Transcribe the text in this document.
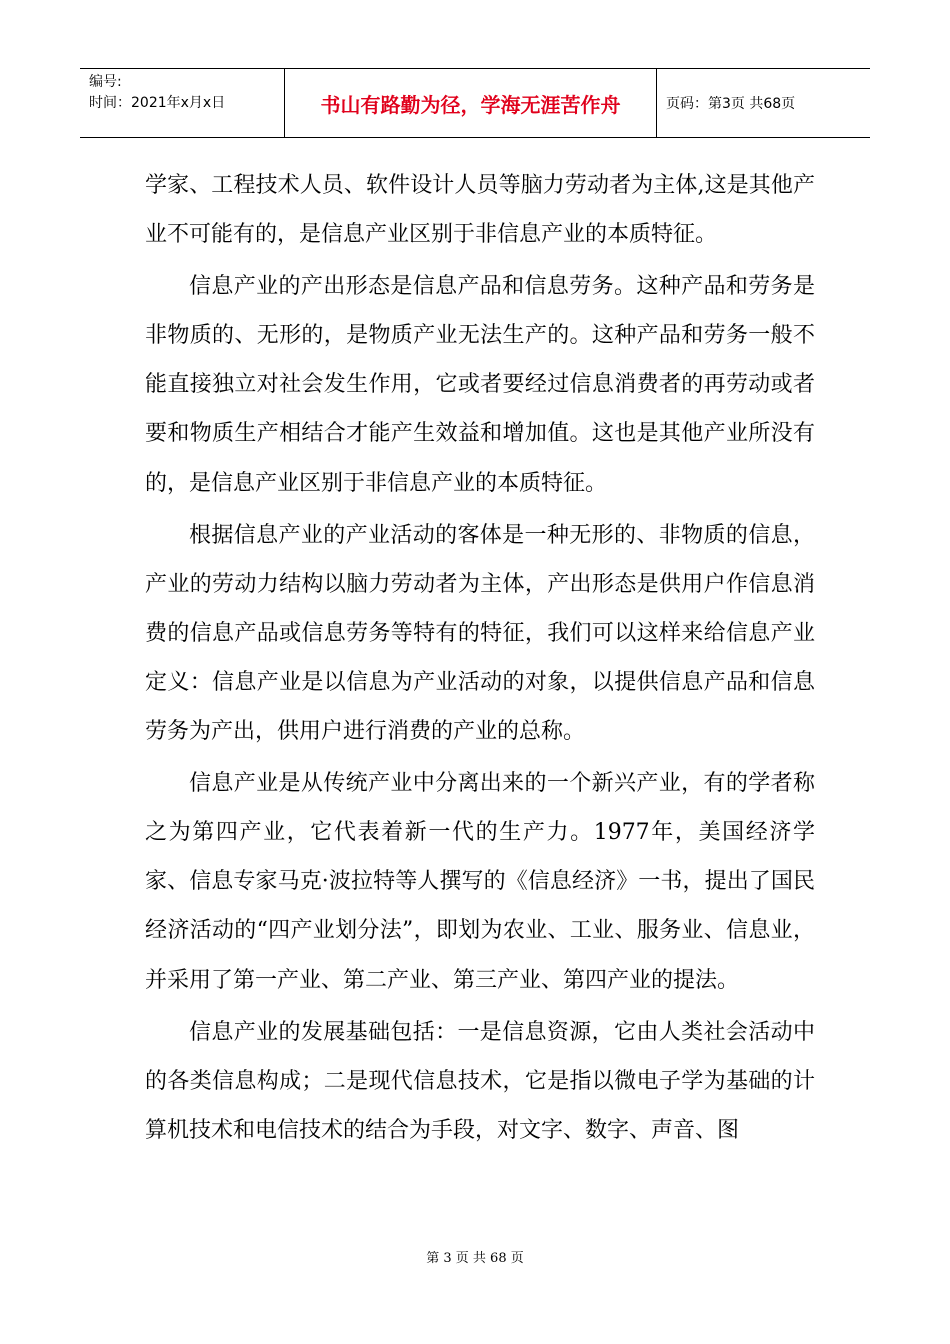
编号:
时间：2021年x月x日	书山有路勤为径，学海无涯苦作舟	页码：第3页 共68页

学家、工程技术人员、软件设计人员等脑力劳动者为主体,这是其他产业不可能有的，是信息产业区别于非信息产业的本质特征。

信息产业的产出形态是信息产品和信息劳务。这种产品和劳务是非物质的、无形的，是物质产业无法生产的。这种产品和劳务一般不能直接独立对社会发生作用，它或者要经过信息消费者的再劳动或者要和物质生产相结合才能产生效益和增加值。这也是其他产业所没有的，是信息产业区别于非信息产业的本质特征。

根据信息产业的产业活动的客体是一种无形的、非物质的信息，产业的劳动力结构以脑力劳动者为主体，产出形态是供用户作信息消费的信息产品或信息劳务等特有的特征，我们可以这样来给信息产业定义：信息产业是以信息为产业活动的对象，以提供信息产品和信息劳务为产出，供用户进行消费的产业的总称。

信息产业是从传统产业中分离出来的一个新兴产业，有的学者称之为第四产业，它代表着新一代的生产力。1977年，美国经济学家、信息专家马克·波拉特等人撰写的《信息经济》一书，提出了国民经济活动的“四产业划分法”，即划为农业、工业、服务业、信息业，并采用了第一产业、第二产业、第三产业、第四产业的提法。

信息产业的发展基础包括：一是信息资源，它由人类社会活动中的各类信息构成；二是现代信息技术，它是指以微电子学为基础的计算机技术和电信技术的结合为手段，对文字、数字、声音、图

第 3 页 共 68 页
